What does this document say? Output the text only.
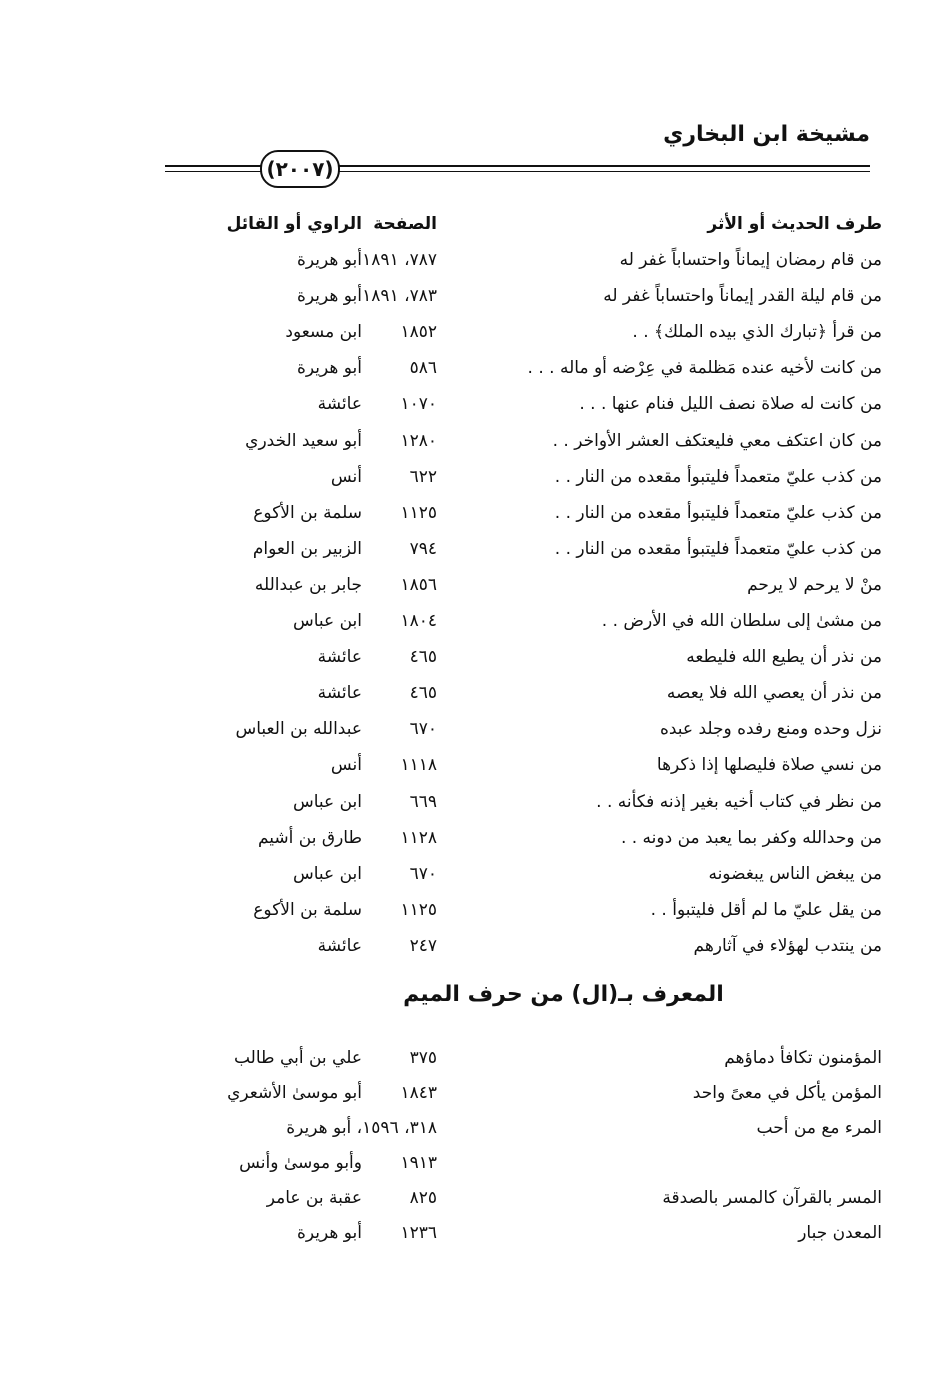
مشيخة ابن البخاري
(٢٠٠٧)
طرف الحديث أو الأثر
الصفحة
الراوي أو القائل
من قام رمضان إيماناً واحتساباً غفر له
٧٨٧، ١٨٩١
أبو هريرة
من قام ليلة القدر إيماناً واحتساباً غفر له
٧٨٣، ١٨٩١
أبو هريرة
من قرأ ﴿تبارك الذي بيده الملك﴾ . .
١٨٥٢
ابن مسعود
من كانت لأخيه عنده مَظلمة في عِرْضه أو ماله . . .
٥٨٦
أبو هريرة
من كانت له صلاة نصف الليل فنام عنها . . .
١٠٧٠
عائشة
من كان اعتكف معي فليعتكف العشر الأواخر . .
١٢٨٠
أبو سعيد الخدري
من كذب عليّ متعمداً فليتبوأ مقعده من النار . .
٦٢٢
أنس
من كذب عليّ متعمداً فليتبوأ مقعده من النار . .
١١٢٥
سلمة بن الأكوع
من كذب عليّ متعمداً فليتبوأ مقعده من النار . .
٧٩٤
الزبير بن العوام
منْ لا يرحم لا يرحم
١٨٥٦
جابر بن عبدالله
من مشىٰ إلى سلطان الله في الأرض . .
١٨٠٤
ابن عباس
من نذر أن يطيع الله فليطعه
٤٦٥
عائشة
من نذر أن يعصي الله فلا يعصه
٤٦٥
عائشة
نزل وحده ومنع رفده وجلد عبده
٦٧٠
عبدالله بن العباس
من نسي صلاة فليصلها إذا ذكرها
١١١٨
أنس
من نظر في كتاب أخيه بغير إذنه فكأنه . .
٦٦٩
ابن عباس
من وحدالله وكفر بما يعبد من دونه . .
١١٢٨
طارق بن أشيم
من يبغض الناس يبغضونه
٦٧٠
ابن عباس
من يقل عليّ ما لم أقل فليتبوأ . .
١١٢٥
سلمة بن الأكوع
من ينتدب لهؤلاء في آثارهم
٢٤٧
عائشة
المعرف بـ(ال) من حرف الميم
المؤمنون تكافأ دماؤهم
٣٧٥
علي بن أبي طالب
المؤمن يأكل في معىً واحد
١٨٤٣
أبو موسىٰ الأشعري
المرء مع من أحب
٣١٨، ١٥٩٦، أبو هريرة
١٩١٣
وأبو موسىٰ وأنس
المسر بالقرآن كالمسر بالصدقة
٨٢٥
عقبة بن عامر
المعدن جبار
١٢٣٦
أبو هريرة
